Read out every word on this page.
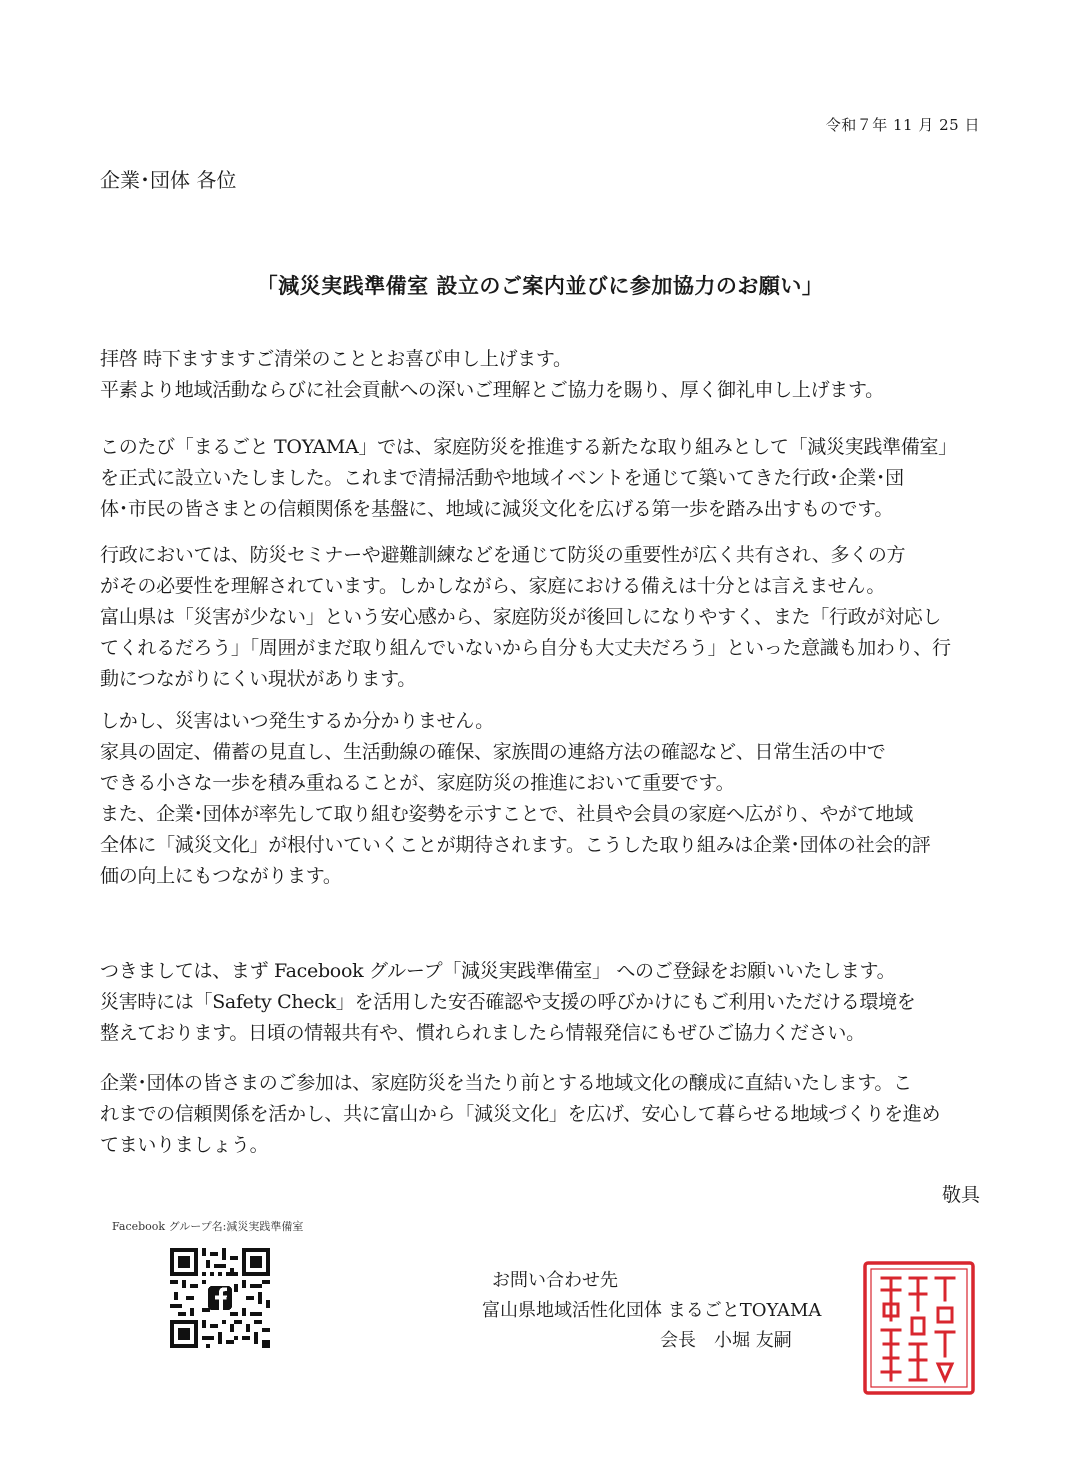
令和７年 11 月 25 日
企業･団体 各位
「減災実践準備室 設立のご案内並びに参加協力のお願い」
拝啓 時下ますますご清栄のこととお喜び申し上げます。
平素より地域活動ならびに社会貢献への深いご理解とご協力を賜り、厚く御礼申し上げます。
このたび「まるごと TOYAMA」では、家庭防災を推進する新たな取り組みとして「減災実践準備室」
を正式に設立いたしました。これまで清掃活動や地域イベントを通じて築いてきた行政･企業･団
体･市民の皆さまとの信頼関係を基盤に、地域に減災文化を広げる第一歩を踏み出すものです。
行政においては、防災セミナーや避難訓練などを通じて防災の重要性が広く共有され、多くの方
がその必要性を理解されています。しかしながら、家庭における備えは十分とは言えません。
富山県は「災害が少ない」という安心感から、家庭防災が後回しになりやすく、また「行政が対応し
てくれるだろう」「周囲がまだ取り組んでいないから自分も大丈夫だろう」といった意識も加わり、行
動につながりにくい現状があります。
しかし、災害はいつ発生するか分かりません。
家具の固定、備蓄の見直し、生活動線の確保、家族間の連絡方法の確認など、日常生活の中で
できる小さな一歩を積み重ねることが、家庭防災の推進において重要です。
また、企業･団体が率先して取り組む姿勢を示すことで、社員や会員の家庭へ広がり、やがて地域
全体に「減災文化」が根付いていくことが期待されます。こうした取り組みは企業･団体の社会的評
価の向上にもつながります。
つきましては、まず Facebook グループ「減災実践準備室」 へのご登録をお願いいたします。
災害時には「Safety Check」を活用した安否確認や支援の呼びかけにもご利用いただける環境を
整えております。日頃の情報共有や、慣れられましたら情報発信にもぜひご協力ください。
企業･団体の皆さまのご参加は、家庭防災を当たり前とする地域文化の醸成に直結いたします。こ
れまでの信頼関係を活かし、共に富山から「減災文化」を広げ、安心して暮らせる地域づくりを進め
てまいりましょう。
敬具
Facebook グループ名:減災実践準備室
お問い合わせ先
富山県地域活性化団体 まるごとTOYAMA
会長　小堀 友嗣
